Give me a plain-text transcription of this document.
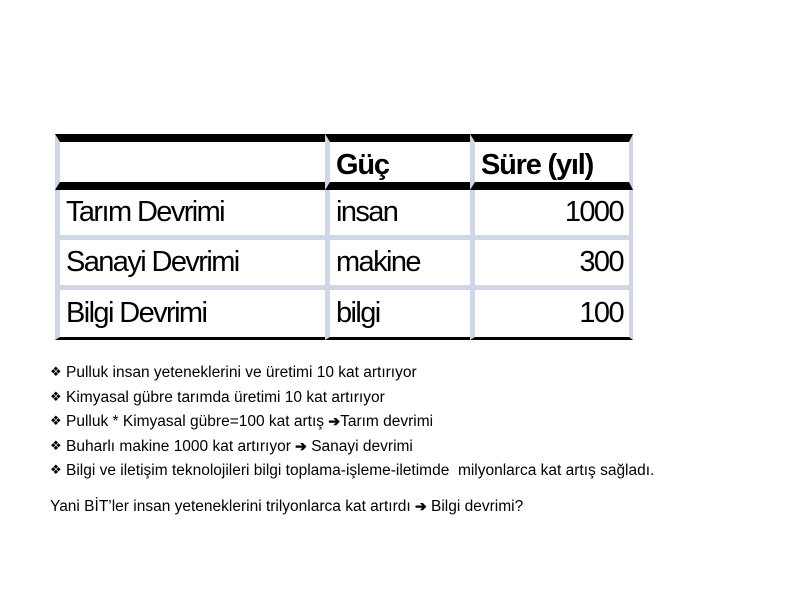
	Güç	Süre (yıl)
Tarım Devrimi	insan	1000
Sanayi Devrimi	makine	300
Bilgi Devrimi	bilgi	100
❖ Pulluk insan yeteneklerini ve üretimi 10 kat artırıyor
❖ Kimyasal gübre tarımda üretimi 10 kat artırıyor
❖ Pulluk * Kimyasal gübre=100 kat artış ➔Tarım devrimi
❖ Buharlı makine 1000 kat artırıyor ➔ Sanayi devrimi
❖ Bilgi ve iletişim teknolojileri bilgi toplama-işleme-iletimde  milyonlarca kat artış sağladı.
Yani BİT’ler insan yeteneklerini trilyonlarca kat artırdı ➔ Bilgi devrimi?
